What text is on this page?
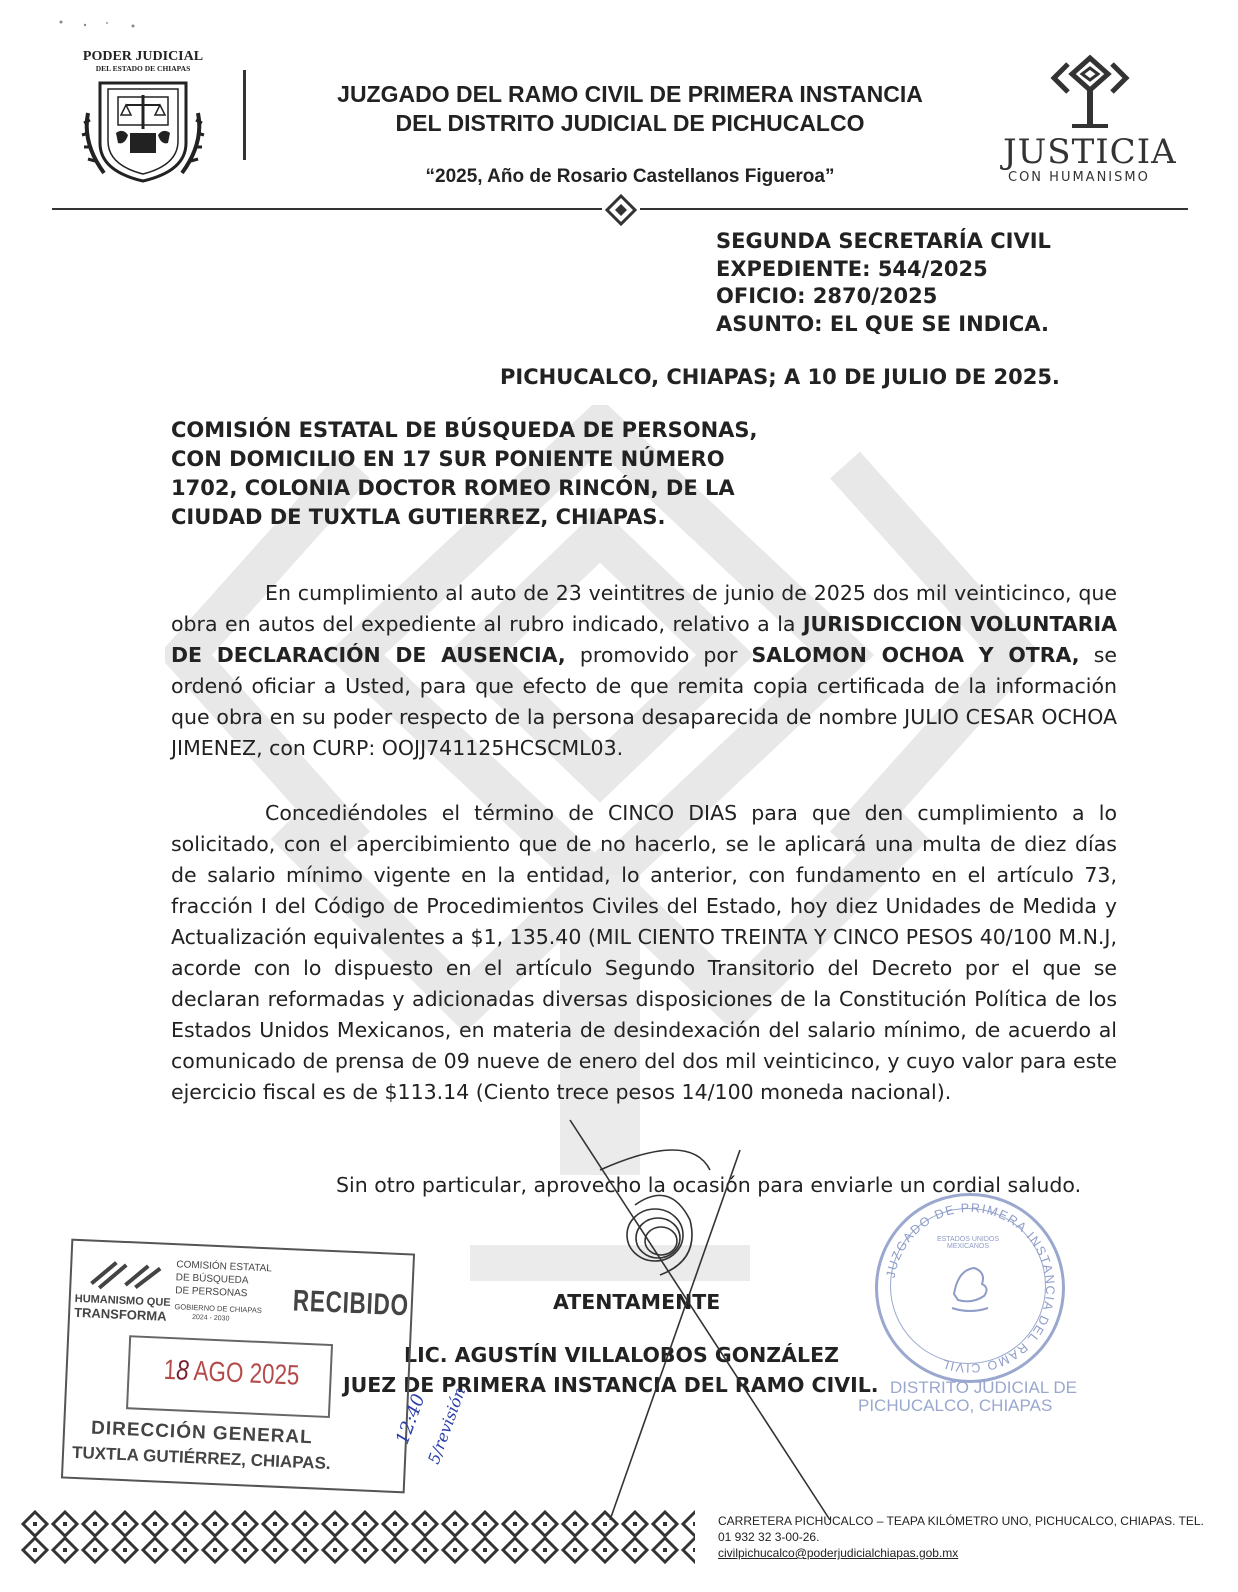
PODER JUDICIAL
DEL ESTADO DE CHIAPAS
JUZGADO DEL RAMO CIVIL DE PRIMERA INSTANCIA
DEL DISTRITO JUDICIAL DE PICHUCALCO
“2025, Año de Rosario Castellanos Figueroa”
JUSTICIA
CON HUMANISMO
SEGUNDA SECRETARÍA CIVIL
EXPEDIENTE: 544/2025
OFICIO: 2870/2025
ASUNTO: EL QUE SE INDICA.
PICHUCALCO, CHIAPAS; A 10 DE JULIO DE 2025.
COMISIÓN ESTATAL DE BÚSQUEDA DE PERSONAS, CON DOMICILIO EN 17 SUR PONIENTE NÚMERO 1702, COLONIA DOCTOR ROMEO RINCÓN, DE LA CIUDAD DE TUXTLA GUTIERREZ, CHIAPAS.

En cumplimiento al auto de 23 veintitres de junio de 2025 dos mil veinticinco, que obra en autos del expediente al rubro indicado, relativo a la JURISDICCION VOLUNTARIA DE DECLARACIÓN DE AUSENCIA, promovido por SALOMON OCHOA Y OTRA, se ordenó oficiar a Usted, para que efecto de que remita copia certificada de la información que obra en su poder respecto de la persona desaparecida de nombre JULIO CESAR OCHOA JIMENEZ, con CURP: OOJJ741125HCSCML03.

Concediéndoles el término de CINCO DIAS para que den cumplimiento a lo solicitado, con el apercibimiento que de no hacerlo, se le aplicará una multa de diez días de salario mínimo vigente en la entidad, lo anterior, con fundamento en el artículo 73, fracción I del Código de Procedimientos Civiles del Estado, hoy diez Unidades de Medida y Actualización equivalentes a $1, 135.40 (MIL CIENTO TREINTA Y CINCO PESOS 40/100 M.N.J, acorde con lo dispuesto en el artículo Segundo Transitorio del Decreto por el que se declaran reformadas y adicionadas diversas disposiciones de la Constitución Política de los Estados Unidos Mexicanos, en materia de desindexación del salario mínimo, de acuerdo al comunicado de prensa de 09 nueve de enero del dos mil veinticinco, y cuyo valor para este ejercicio fiscal es de $113.14 (Ciento trece pesos 14/100 moneda nacional).

Sin otro particular, aprovecho la ocasión para enviarle un cordial saludo.

ATENTAMENTE
LIC. AGUSTÍN VILLALOBOS GONZÁLEZ
JUEZ DE PRIMERA INSTANCIA DEL RAMO CIVIL.
JUZGADO DE PRIMERA INSTANCIA DEL RAMO CIVIL
ESTADOS UNIDOS MEXICANOS
DISTRITO JUDICIAL DE
PICHUCALCO, CHIAPAS
HUMANISMO QUE
TRANSFORMA
COMISIÓN ESTATAL
DE BÚSQUEDA
DE PERSONAS
GOBIERNO DE CHIAPAS
2024 - 2030 RECIBIDO
18 AGO 2025
DIRECCIÓN GENERAL
TUXTLA GUTIÉRREZ, CHIAPAS.
12:40
5/revisión
CARRETERA PICHUCALCO – TEAPA KILÓMETRO UNO, PICHUCALCO, CHIAPAS. TEL. 01 932 32 3-00-26.
civilpichucalco@poderjudicialchiapas.gob.mx
